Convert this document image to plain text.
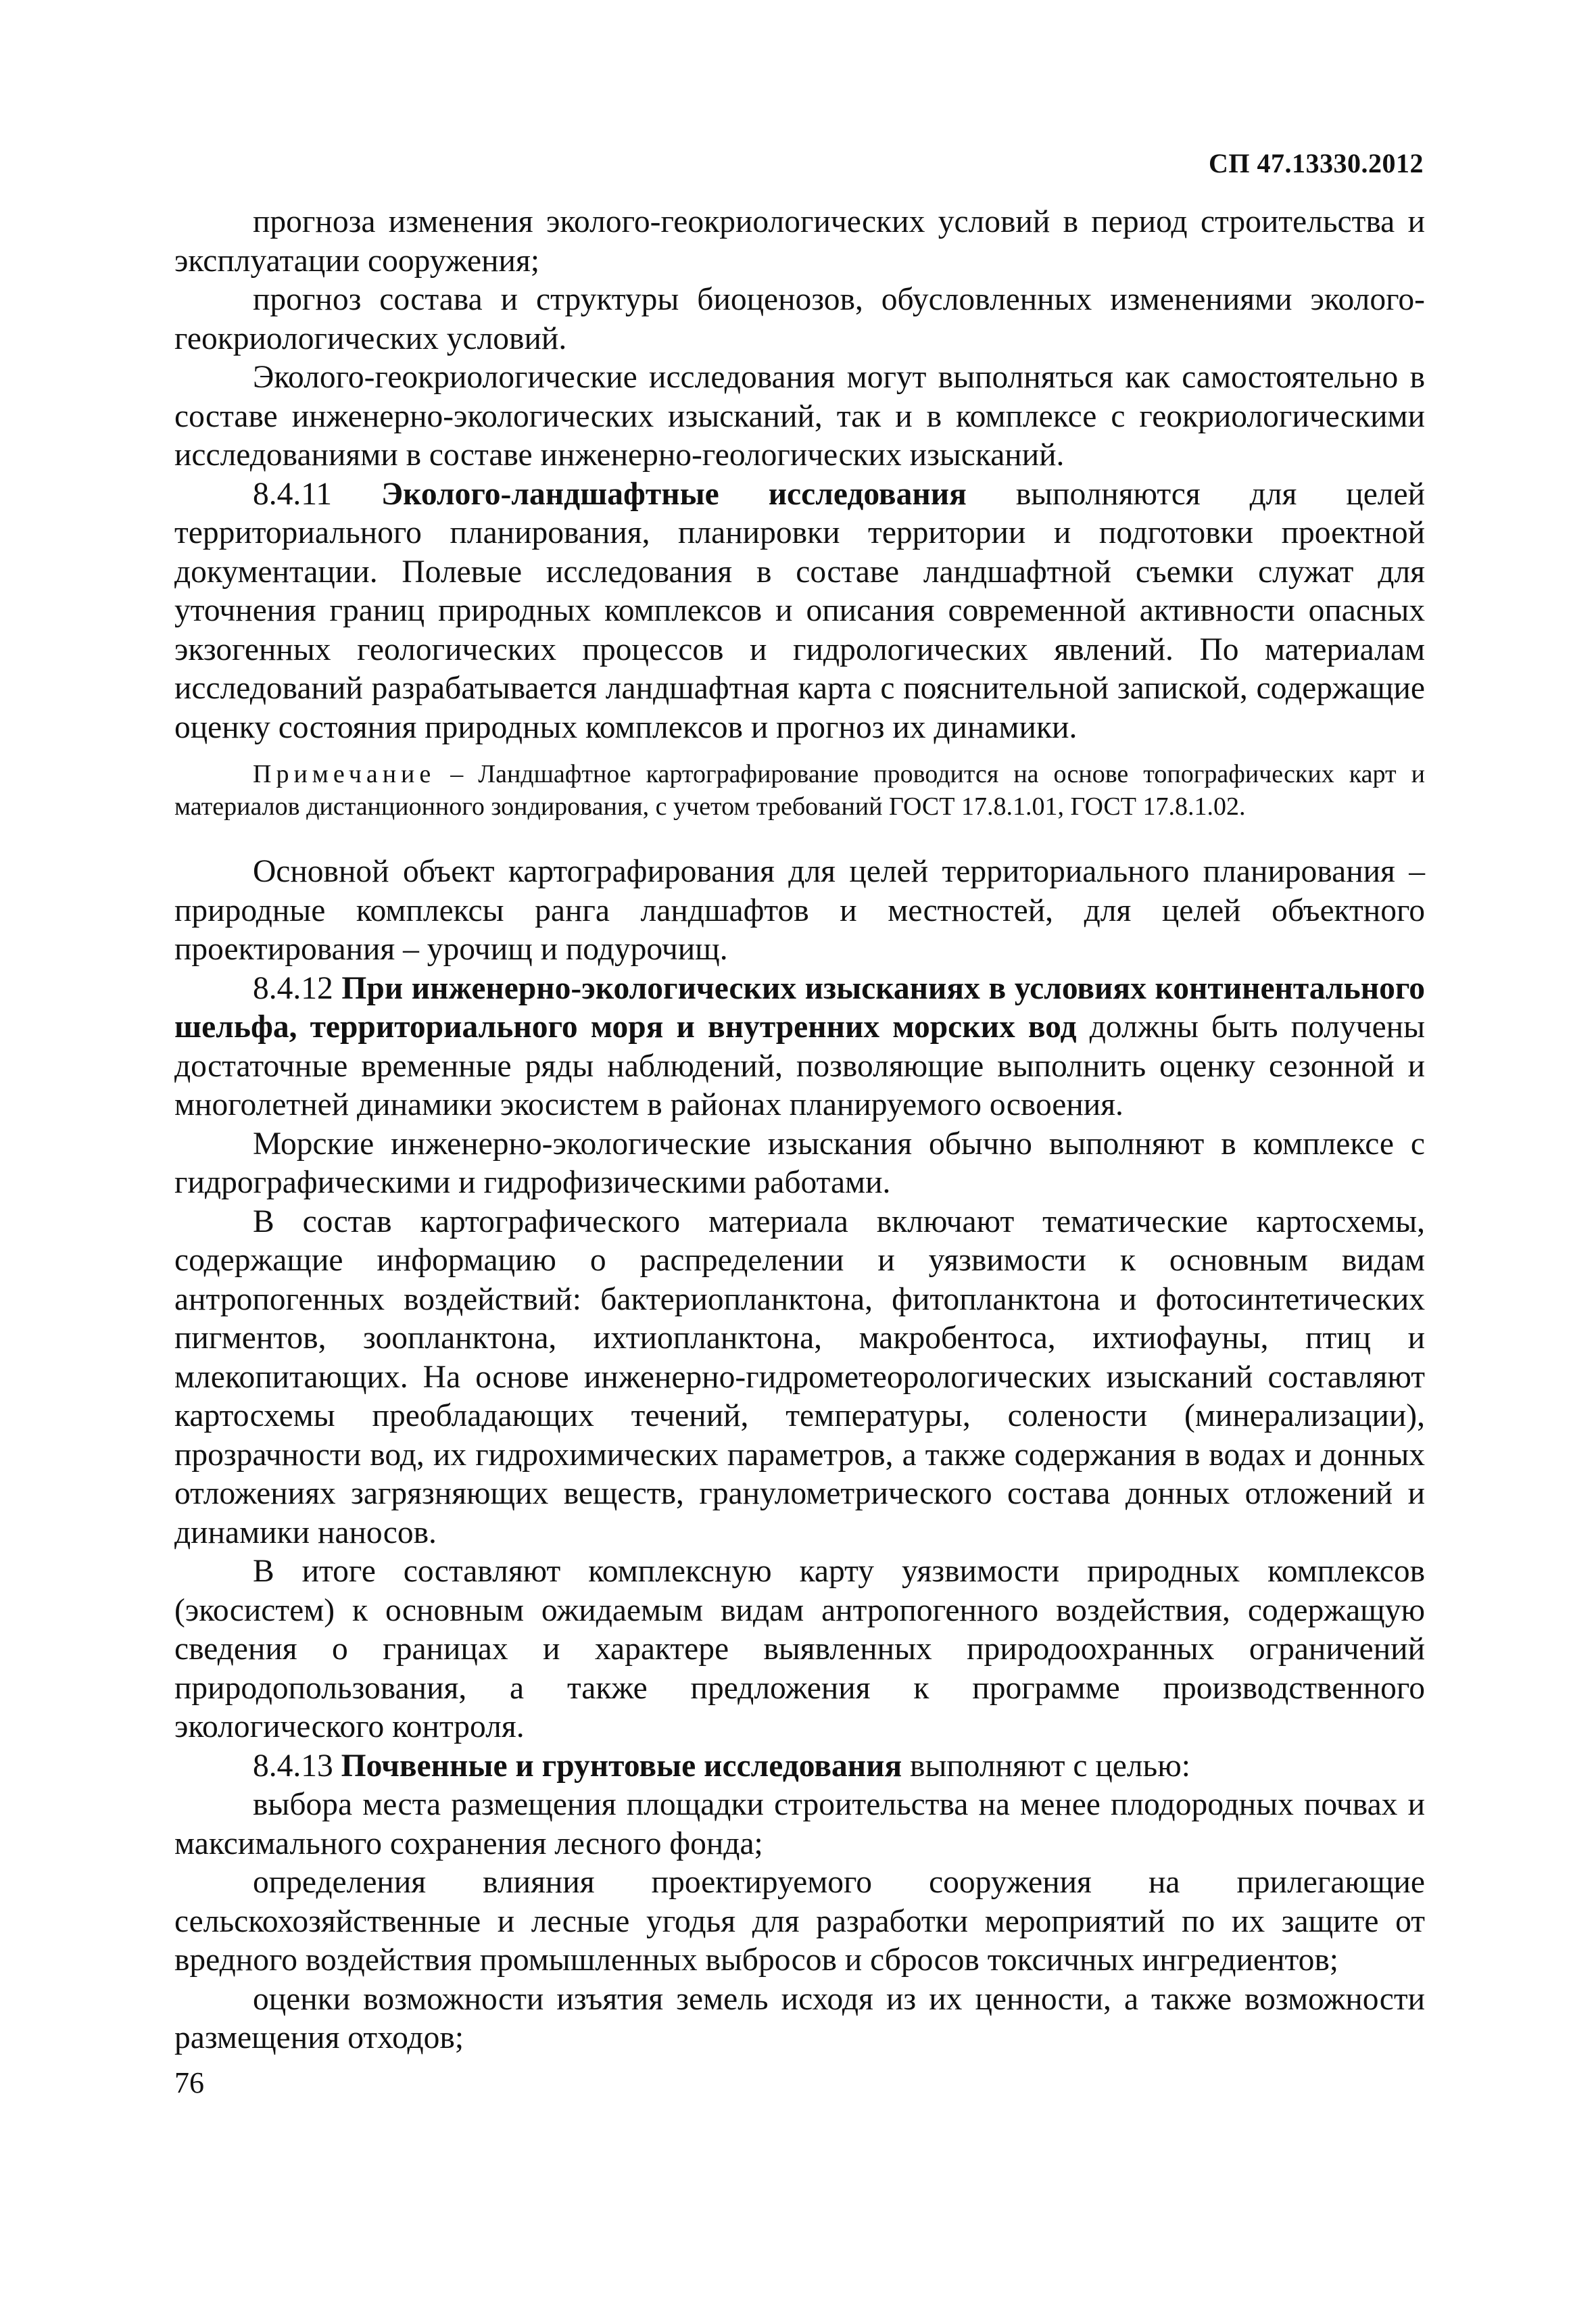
СП 47.13330.2012

прогноза изменения эколого-геокриологических условий в период строительства и эксплуатации сооружения;

прогноз состава и структуры биоценозов, обусловленных изменениями эколого-геокриологических условий.

Эколого-геокриологические исследования могут выполняться как самостоятельно в составе инженерно-экологических изысканий, так и в комплексе с геокриологическими исследованиями в составе инженерно-геологических изысканий.

8.4.11 Эколого-ландшафтные исследования выполняются для целей территориального планирования, планировки территории и подготовки проектной документации. Полевые исследования в составе ландшафтной съемки служат для уточнения границ природных комплексов и описания современной активности опасных экзогенных геологических процессов и гидрологических явлений. По материалам исследований разрабатывается ландшафтная карта с пояснительной запиской, содержащие оценку состояния природных комплексов и прогноз их динамики.

Примечание – Ландшафтное картографирование проводится на основе топографических карт и материалов дистанционного зондирования, с учетом требований ГОСТ 17.8.1.01, ГОСТ 17.8.1.02.

Основной объект картографирования для целей территориального планирования – природные комплексы ранга ландшафтов и местностей, для целей объектного проектирования – урочищ и подурочищ.

8.4.12 При инженерно-экологических изысканиях в условиях континентального шельфа, территориального моря и внутренних морских вод должны быть получены достаточные временные ряды наблюдений, позволяющие выполнить оценку сезонной и многолетней динамики экосистем в районах планируемого освоения.

Морские инженерно-экологические изыскания обычно выполняют в комплексе с гидрографическими и гидрофизическими работами.

В состав картографического материала включают тематические картосхемы, содержащие информацию о распределении и уязвимости к основным видам антропогенных воздействий: бактериопланктона, фитопланктона и фотосинтетических пигментов, зоопланктона, ихтиопланктона, макробентоса, ихтиофауны, птиц и млекопитающих. На основе инженерно-гидрометеорологических изысканий составляют картосхемы преобладающих течений, температуры, солености (минерализации), прозрачности вод, их гидрохимических параметров, а также содержания в водах и донных отложениях загрязняющих веществ, гранулометрического состава донных отложений и динамики наносов.

В итоге составляют комплексную карту уязвимости природных комплексов (экосистем) к основным ожидаемым видам антропогенного воздействия, содержащую сведения о границах и характере выявленных природоохранных ограничений природопользования, а также предложения к программе производственного экологического контроля.

8.4.13 Почвенные и грунтовые исследования выполняют с целью:

выбора места размещения площадки строительства на менее плодородных почвах и максимального сохранения лесного фонда;

определения влияния проектируемого сооружения на прилегающие сельскохозяйственные и лесные угодья для разработки мероприятий по их защите от вредного воздействия промышленных выбросов и сбросов токсичных ингредиентов;

оценки возможности изъятия земель исходя из их ценности, а также возможности размещения отходов;

76
